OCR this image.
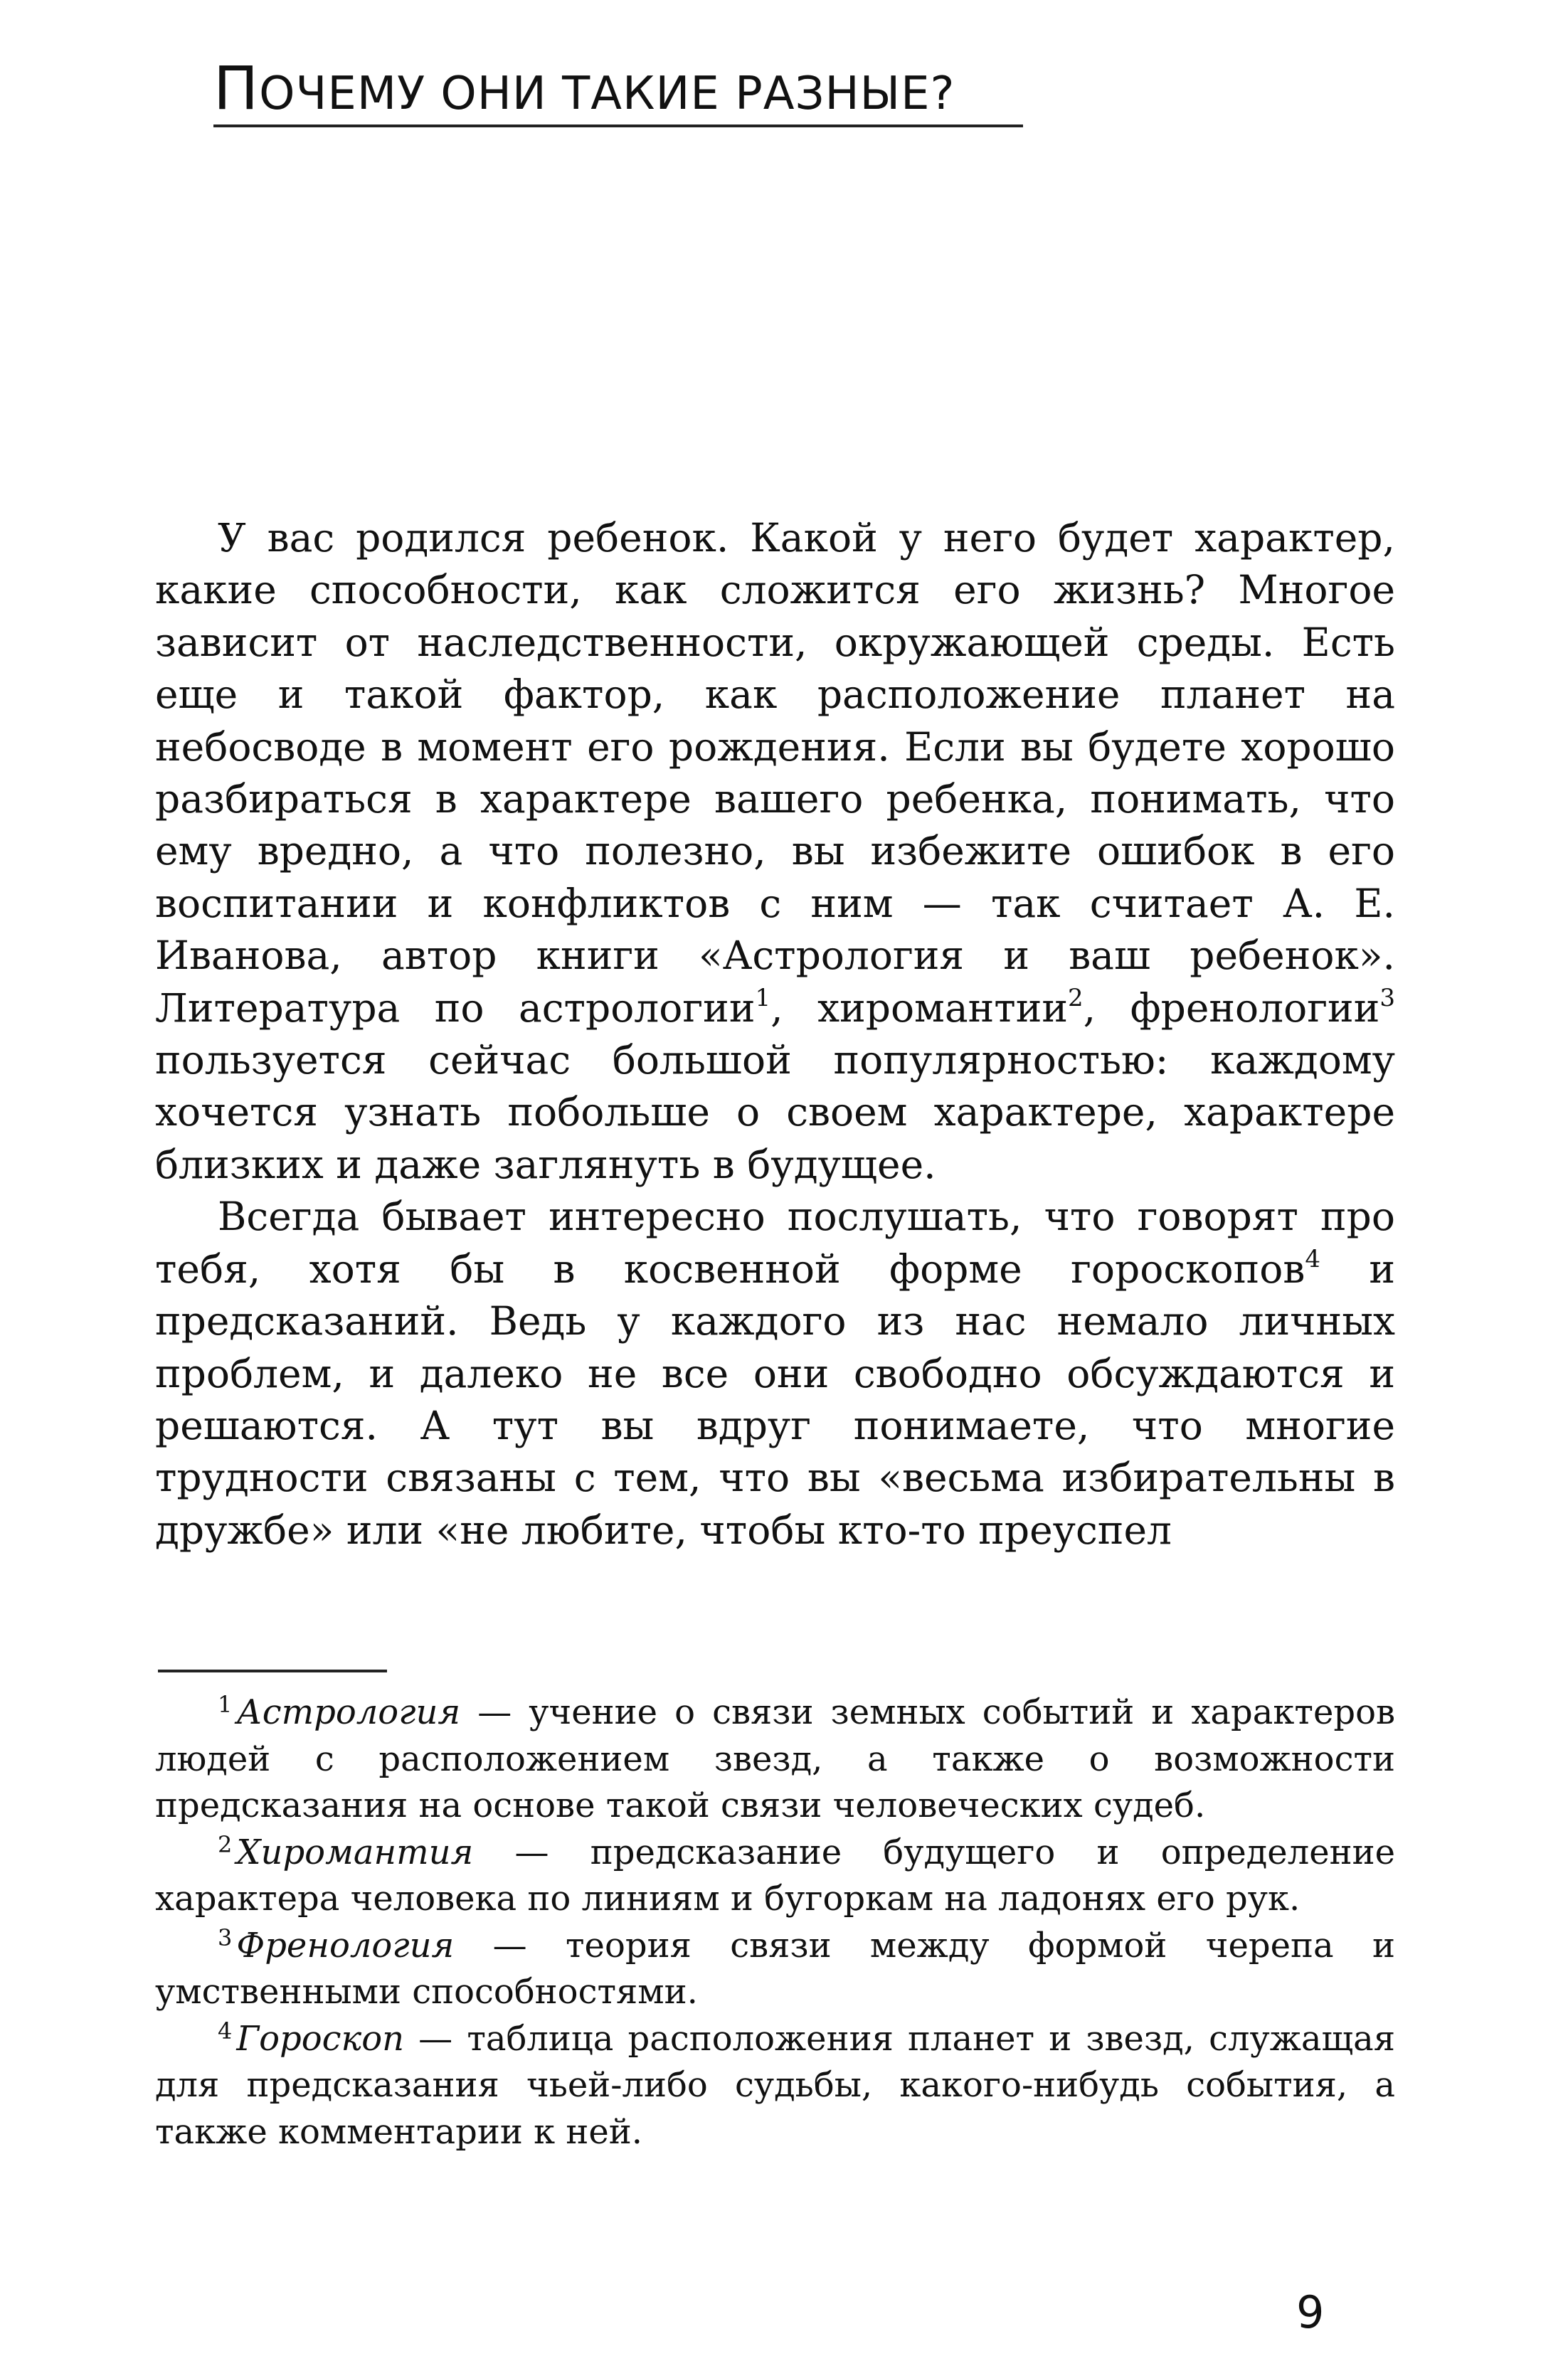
ПОЧЕМУ ОНИ ТАКИЕ РАЗНЫЕ?

У вас родился ребенок. Какой у него будет характер, какие способности, как сложится его жизнь? Многое зависит от наследственности, окружающей среды. Есть еще и такой фактор, как расположение планет на небосводе в момент его рождения. Если вы будете хорошо разбираться в характере вашего ребенка, понимать, что ему вредно, а что полезно, вы избежите ошибок в его воспитании и конфликтов с ним — так считает А. Е. Иванова, автор книги «Астрология и ваш ребенок». Литература по астрологии$^1$, хиромантии$^2$, френологии$^3$ пользуется сейчас большой популярностью: каждому хочется узнать побольше о своем характере, характере близких и даже заглянуть в будущее.

Всегда бывает интересно послушать, что говорят про тебя, хотя бы в косвенной форме гороскопов$^4$ и предсказаний. Ведь у каждого из нас немало личных проблем, и далеко не все они свободно обсуждаются и решаются. А тут вы вдруг понимаете, что многие трудности связаны с тем, что вы «весьма избирательны в дружбе» или «не любите, чтобы кто-то преуспел

$^1$ Астрология — учение о связи земных событий и характеров людей с расположением звезд, а также о возможности предсказания на основе такой связи человеческих судеб.

$^2$ Хиромантия — предсказание будущего и определение характера человека по линиям и бугоркам на ладонях его рук.

$^3$ Френология — теория связи между формой черепа и умственными способностями.

$^4$ Гороскоп — таблица расположения планет и звезд, служащая для предсказания чьей-либо судьбы, какого-нибудь события, а также комментарии к ней.

9
